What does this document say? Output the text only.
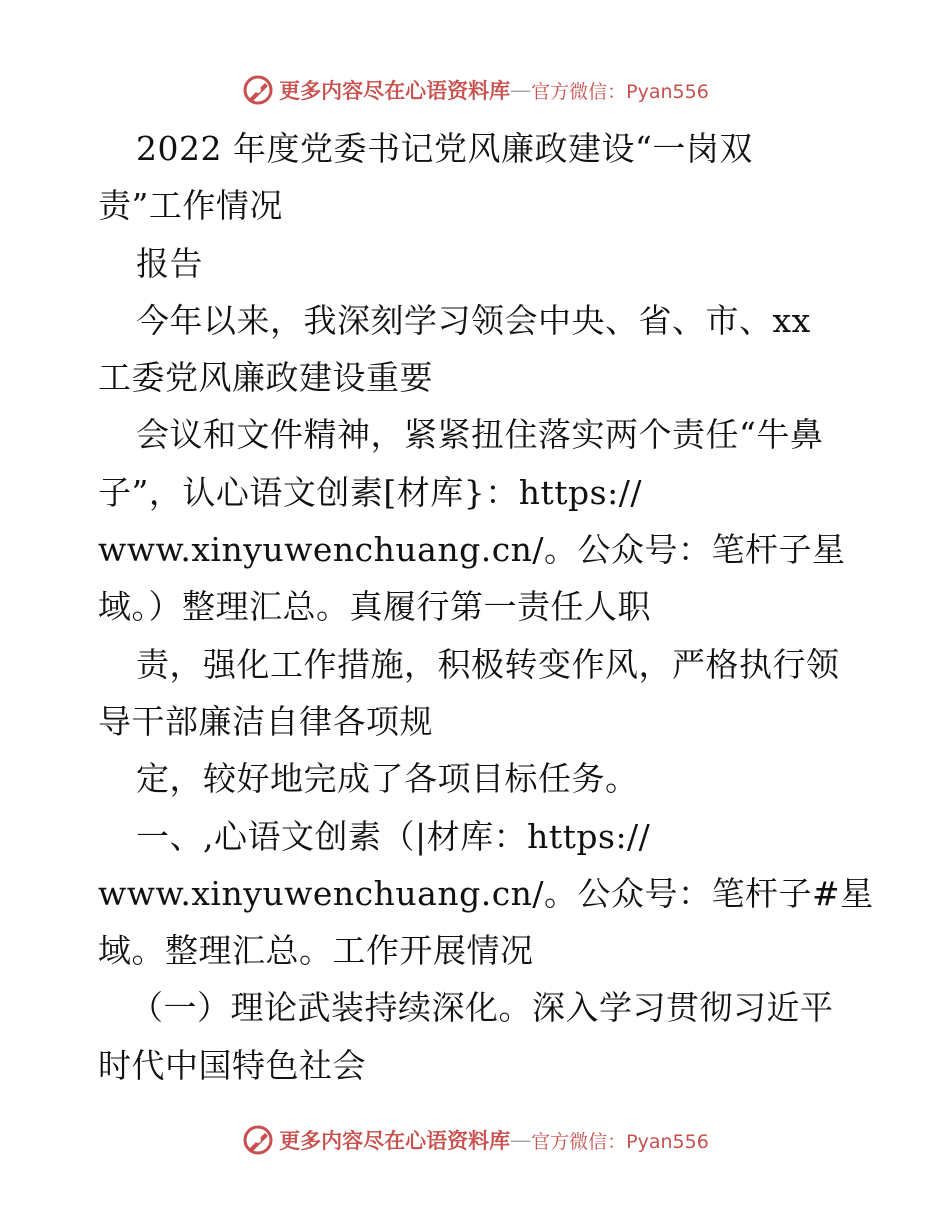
更多内容尽在心语资料库 — 官方微信：Pyan556
2022 年度党委书记党风廉政建设“一岗双
责”工作情况
报告
今年以来，我深刻学习领会中央、省、市、xx
工委党风廉政建设重要
会议和文件精神，紧紧扭住落实两个责任“牛鼻
子”，认心语文创素[材库}：https://
www.xinyuwenchuang.cn/。公众号：笔杆子星
域。）整理汇总。真履行第一责任人职
责，强化工作措施，积极转变作风，严格执行领
导干部廉洁自律各项规
定，较好地完成了各项目标任务。
一、,心语文创素（|材库：https://
www.xinyuwenchuang.cn/。公众号：笔杆子#星
域。整理汇总。工作开展情况
（一）理论武装持续深化。深入学习贯彻习近平
时代中国特色社会
更多内容尽在心语资料库 — 官方微信：Pyan556
